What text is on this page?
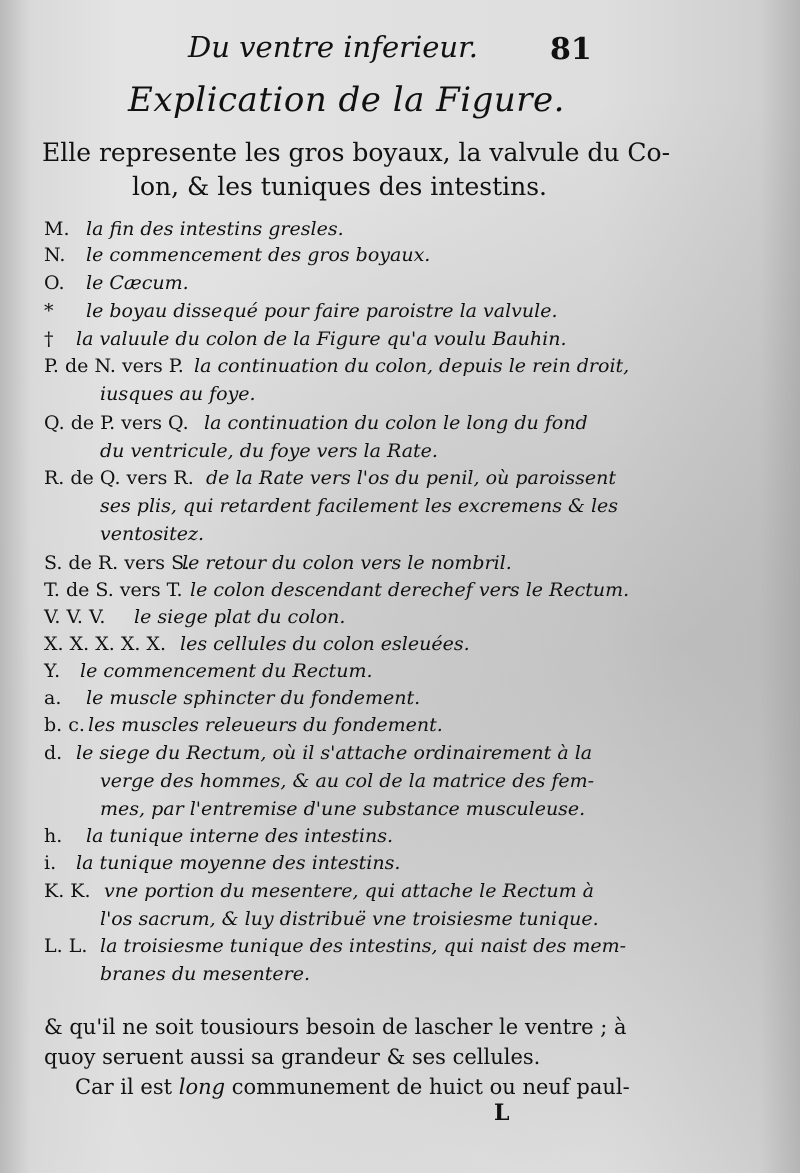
Du ventre inferieur. 81
Explication de la Figure.
Elle represente les gros boyaux, la valvule du Co-
lon, & les tuniques des intestins.
M. la fin des intestins gresles.
N. le commencement des gros boyaux.
O. le Cæcum.
* le boyau dissequé pour faire paroistre la valvule.
† la valuule du colon de la Figure qu'a voulu Bauhin.
P. de N. vers P. la continuation du colon, depuis le rein droit,
iusques au foye.
Q. de P. vers Q. la continuation du colon le long du fond
du ventricule, du foye vers la Rate.
R. de Q. vers R. de la Rate vers l'os du penil, où paroissent
ses plis, qui retardent facilement les excremens & les
ventositez.
S. de R. vers S.
le retour du colon vers le nombril.
T. de S. vers T. le colon descendant derechef vers le Rectum.
V. V. V. le siege plat du colon.
X. X. X. X. X. les cellules du colon esleuées.
Y. le commencement du Rectum.
a. le muscle sphincter du fondement.
b. c. les muscles releueurs du fondement.
d. le siege du Rectum, où il s'attache ordinairement à la
verge des hommes, & au col de la matrice des fem-
mes, par l'entremise d'une substance musculeuse.
h. la tunique interne des intestins.
i. la tunique moyenne des intestins.
K. K. vne portion du mesentere, qui attache le Rectum à
l'os sacrum, & luy distribuë vne troisiesme tunique.
L. L. la troisiesme tunique des intestins, qui naist des mem-
branes du mesentere.
& qu'il ne soit tousiours besoin de lascher le ventre ; à
quoy seruent aussi sa grandeur & ses cellules.
Car il est long communement de huict ou neuf paul-
L
